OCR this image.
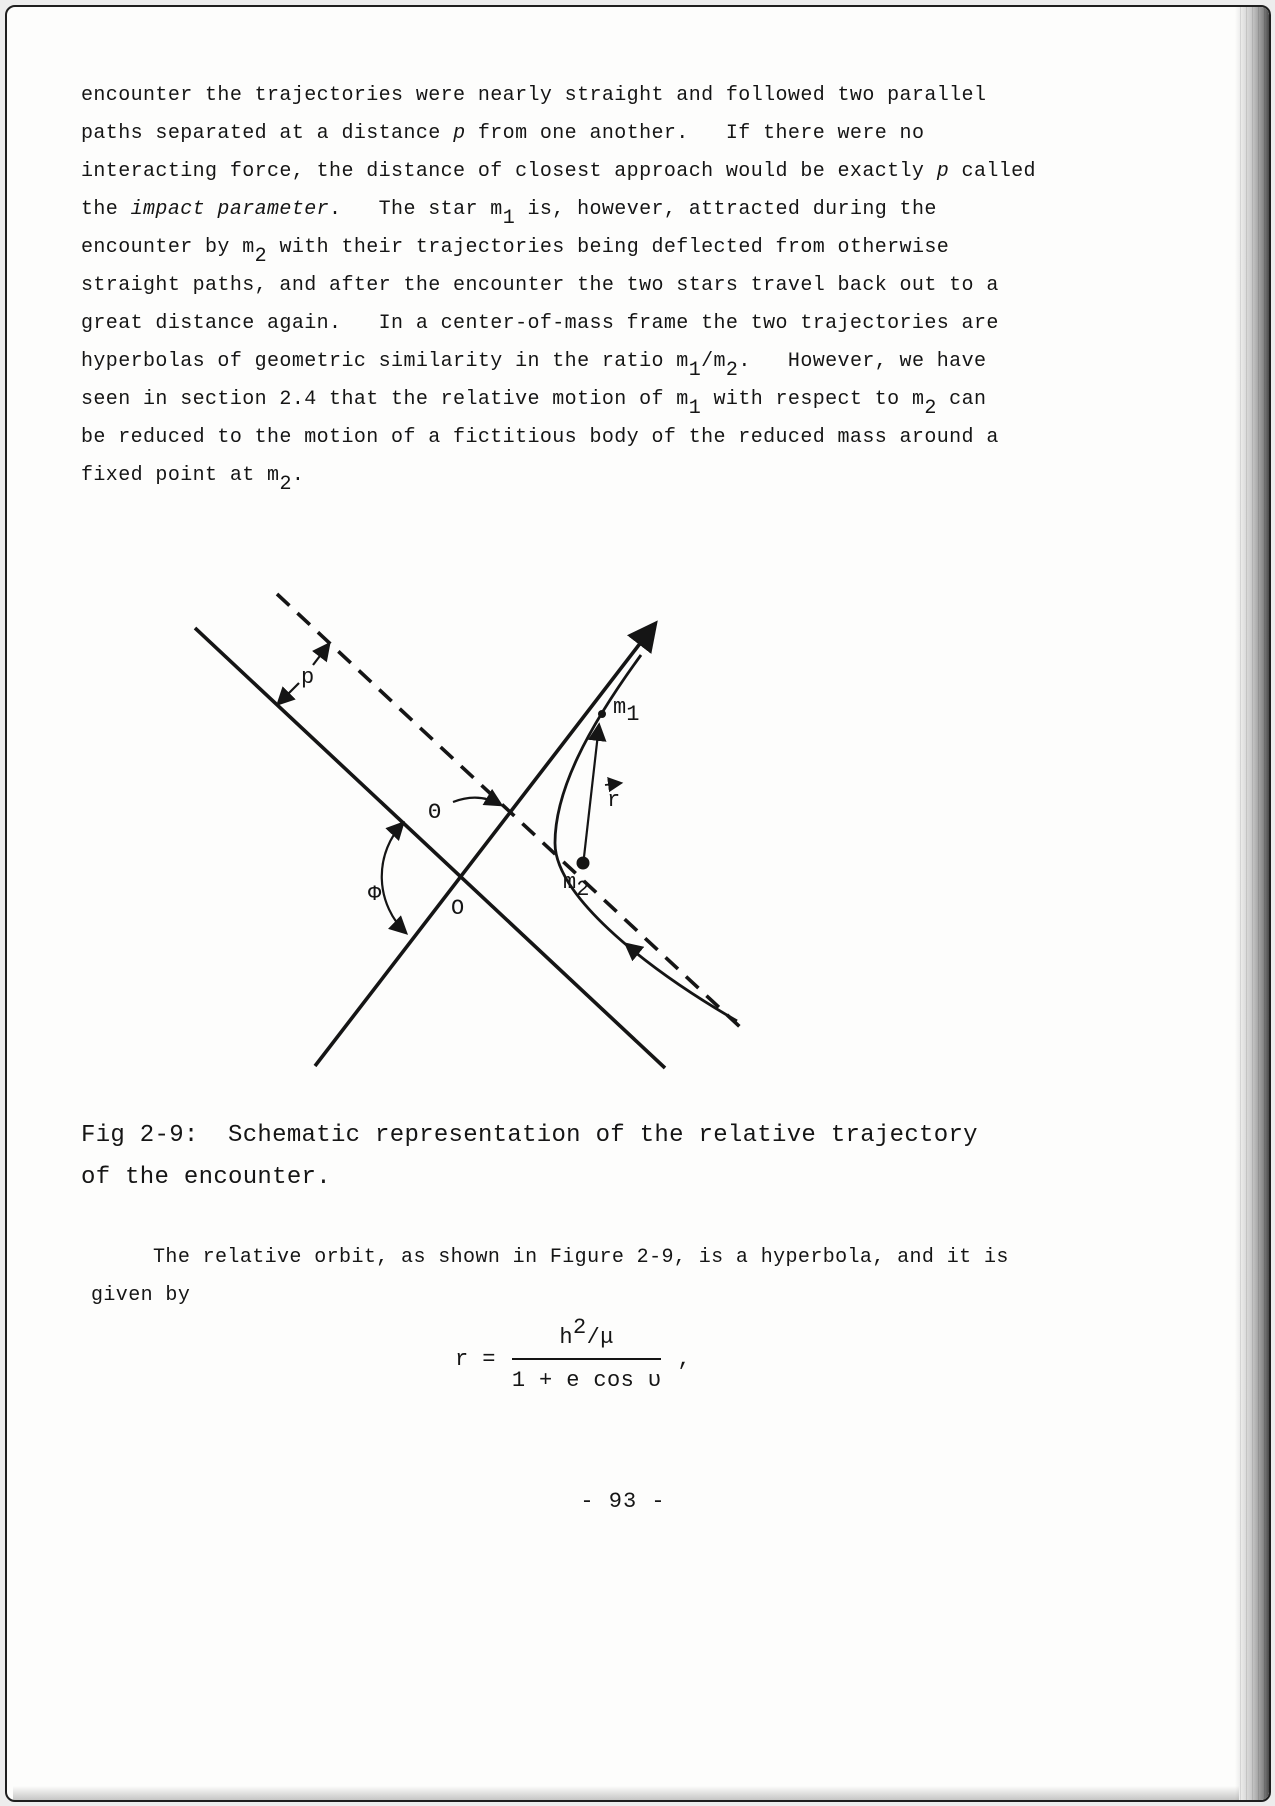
encounter the trajectories were nearly straight and followed two parallel
paths separated at a distance p from one another.   If there were no
interacting force, the distance of closest approach would be exactly p called
the impact parameter.   The star m1 is, however, attracted during the
encounter by m2 with their trajectories being deflected from otherwise
straight paths, and after the encounter the two stars travel back out to a
great distance again.   In a center-of-mass frame the two trajectories are
hyperbolas of geometric similarity in the ratio m1/m2.   However, we have
seen in section 2.4 that the relative motion of m1 with respect to m2 can
be reduced to the motion of a fictitious body of the reduced mass around a
fixed point at m2.
p
Θ
Φ
O
m1
m2
r
Fig 2-9:  Schematic representation of the relative trajectory
of the encounter.
The relative orbit, as shown in Figure 2-9, is a hyperbola, and it is
given by
$r = \frac{h2/\mu}{\text{1 + e cos υ}}$ ,
- 93 -
